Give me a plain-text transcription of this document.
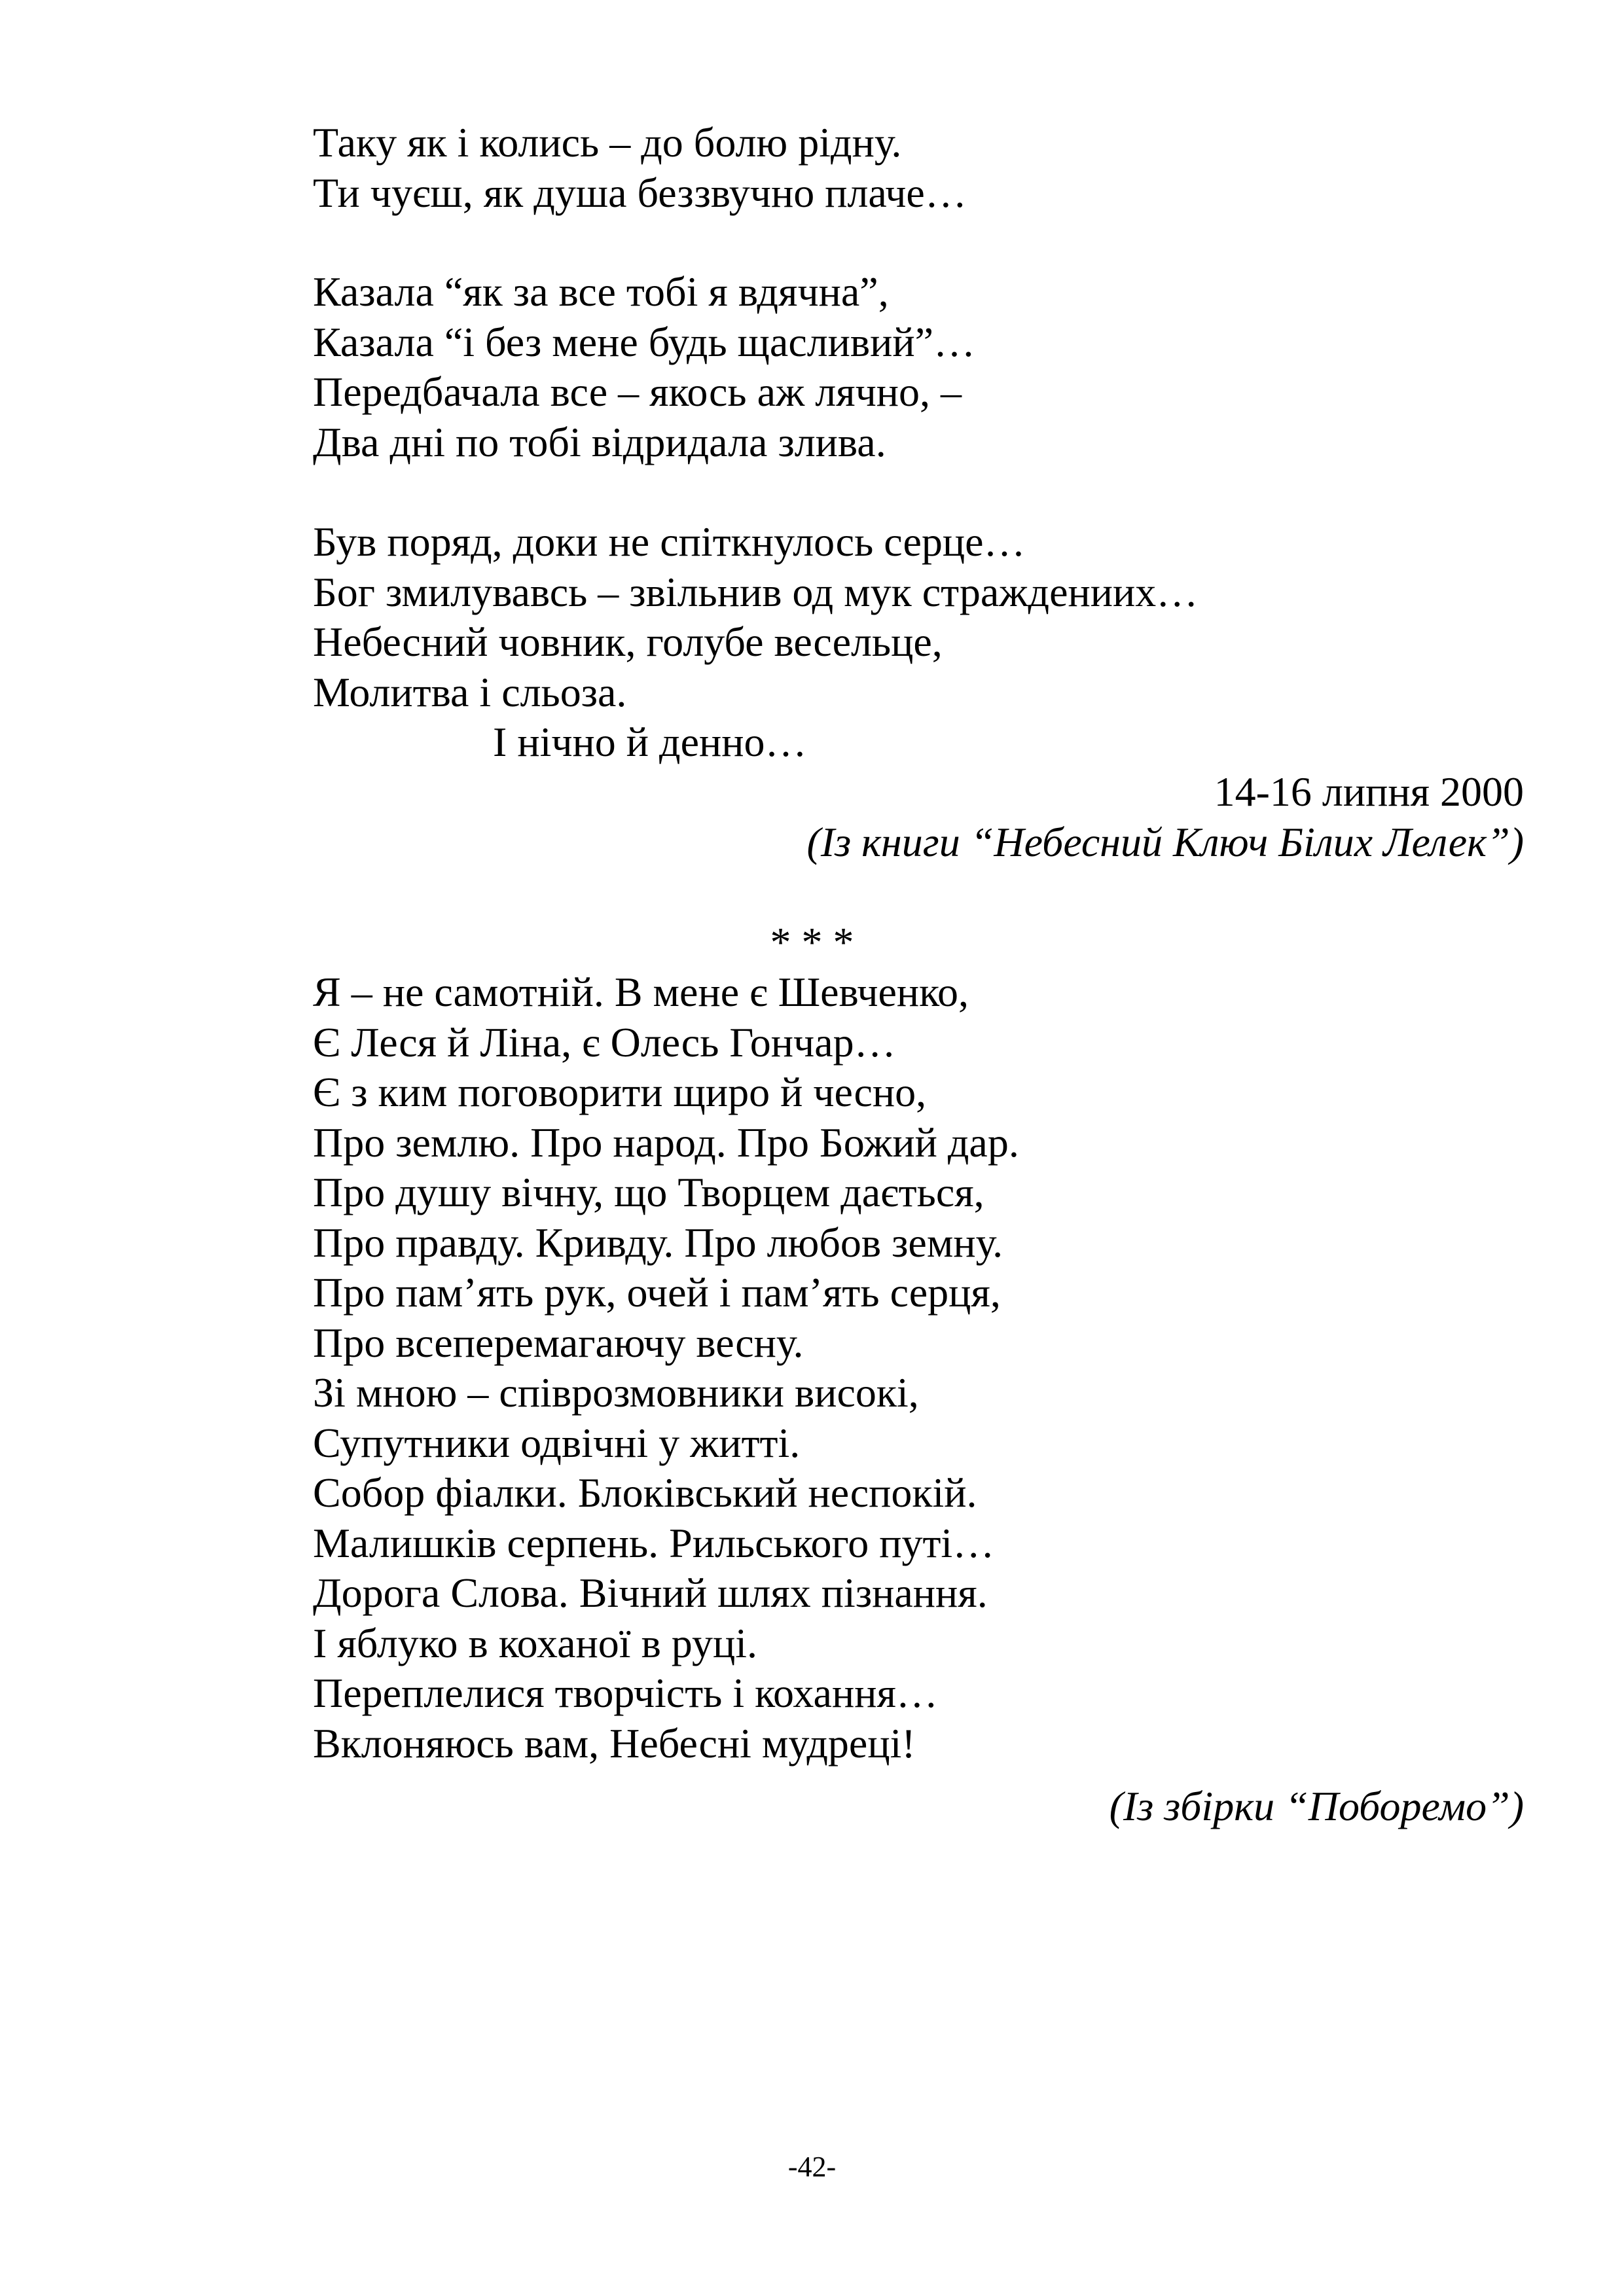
Таку як і колись – до болю рідну.
Ти чуєш, як душа беззвучно плаче…
Казала “як за все тобі я вдячна”,
Казала “і без мене будь щасливий”…
Передбачала все – якось аж лячно, –
Два дні по тобі відридала злива.
Був поряд, доки не спіткнулось серце…
Бог змилувавсь – звільнив од мук страждениих…
Небесний човник, голубе весельце,
Молитва і сльоза.
І нічно й денно…
14-16 липня 2000
(Із книги “Небесний Ключ Білих Лелек”)
* * *
Я – не самотній. В мене є Шевченко,
Є Леся й Ліна, є Олесь Гончар…
Є з ким поговорити щиро й чесно,
Про землю. Про народ. Про Божий дар.
Про душу вічну, що Творцем дається,
Про правду. Кривду. Про любов земну.
Про пам’ять рук, очей і пам’ять серця,
Про всеперемагаючу весну.
Зі мною – співрозмовники високі,
Супутники одвічні у житті.
Собор фіалки. Блоківський неспокій.
Малишків серпень. Рильського путі…
Дорога Слова. Вічний шлях пізнання.
І яблуко в коханої в руці.
Переплелися творчість і кохання…
Вклоняюсь вам, Небесні мудреці!
(Із збірки “Поборемо”)
-42-
